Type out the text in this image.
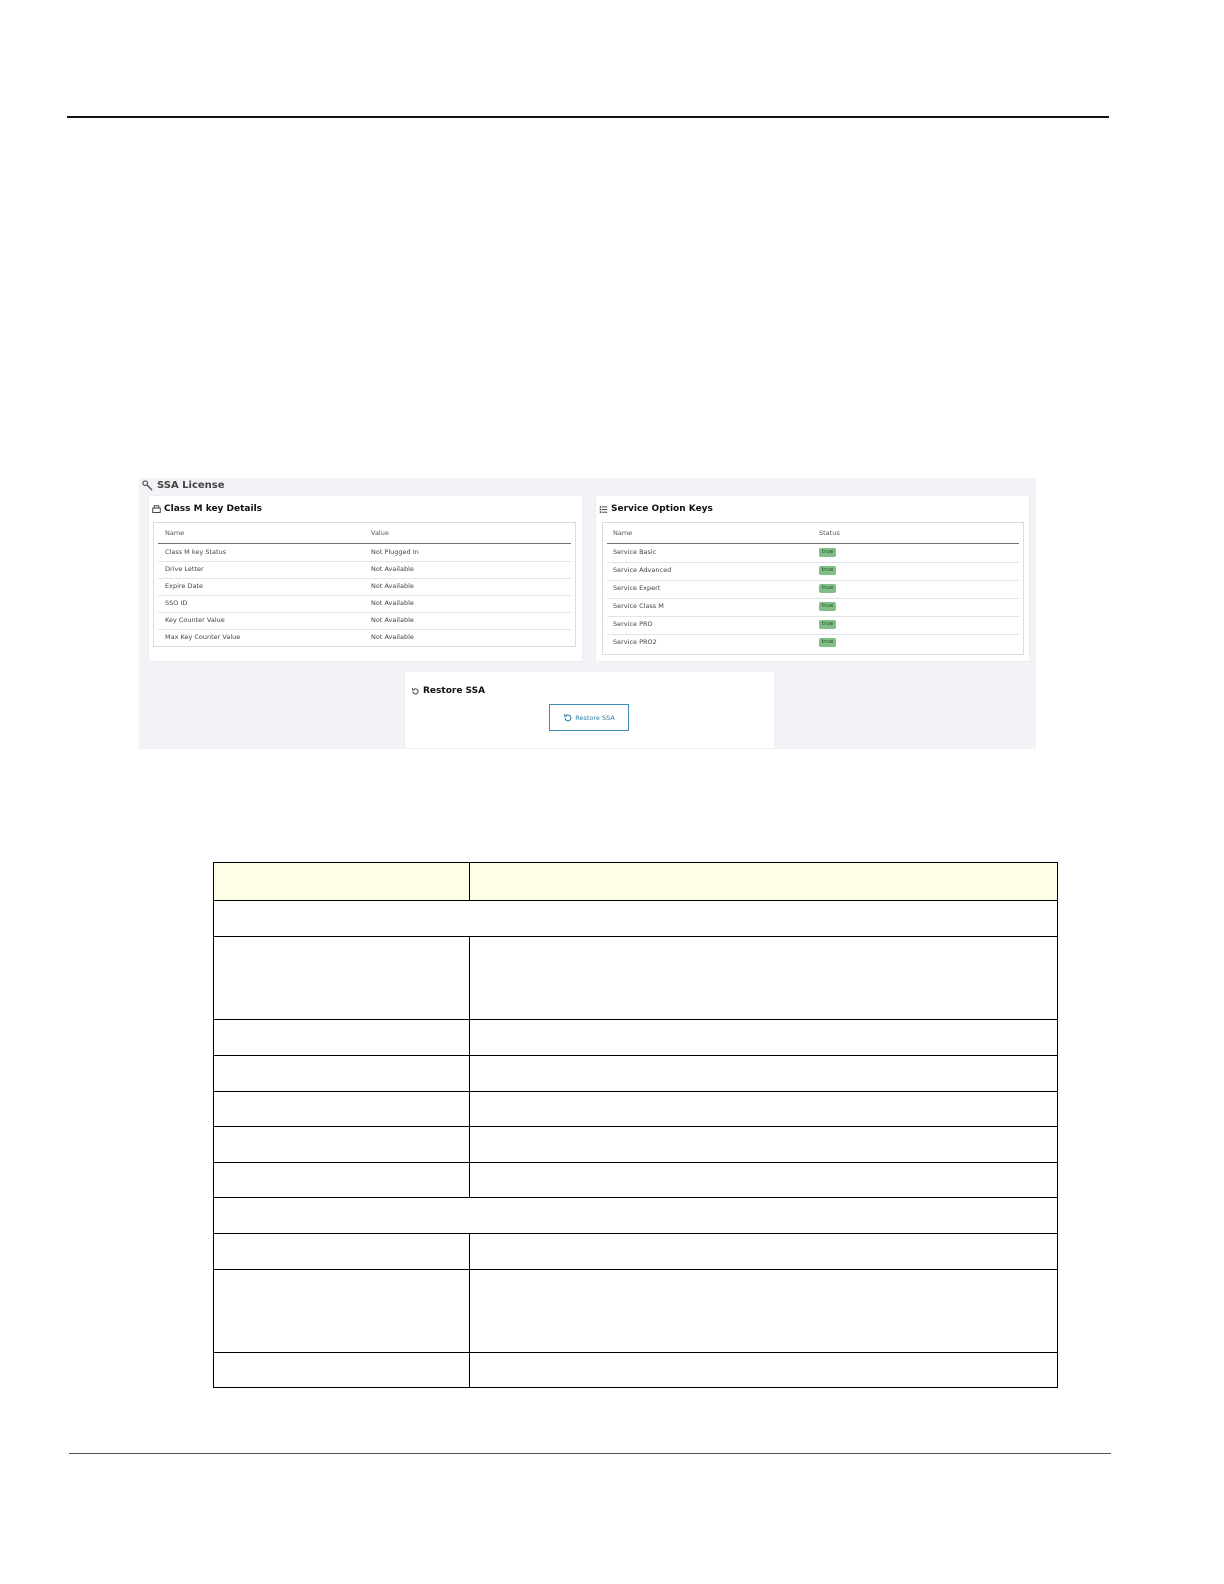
SSA License
Class M key Details
Name	Value
Class M key Status	Not Plugged In
Drive Letter	Not Available
Expire Date	Not Available
SSO ID	Not Available
Key Counter Value	Not Available
Max Key Counter Value	Not Available
Service Option Keys
Name	Status
Service Basic	true
Service Advanced	true
Service Expert	true
Service Class M	true
Service PRO	true
Service PRO2	true
Restore SSA
Restore SSA
